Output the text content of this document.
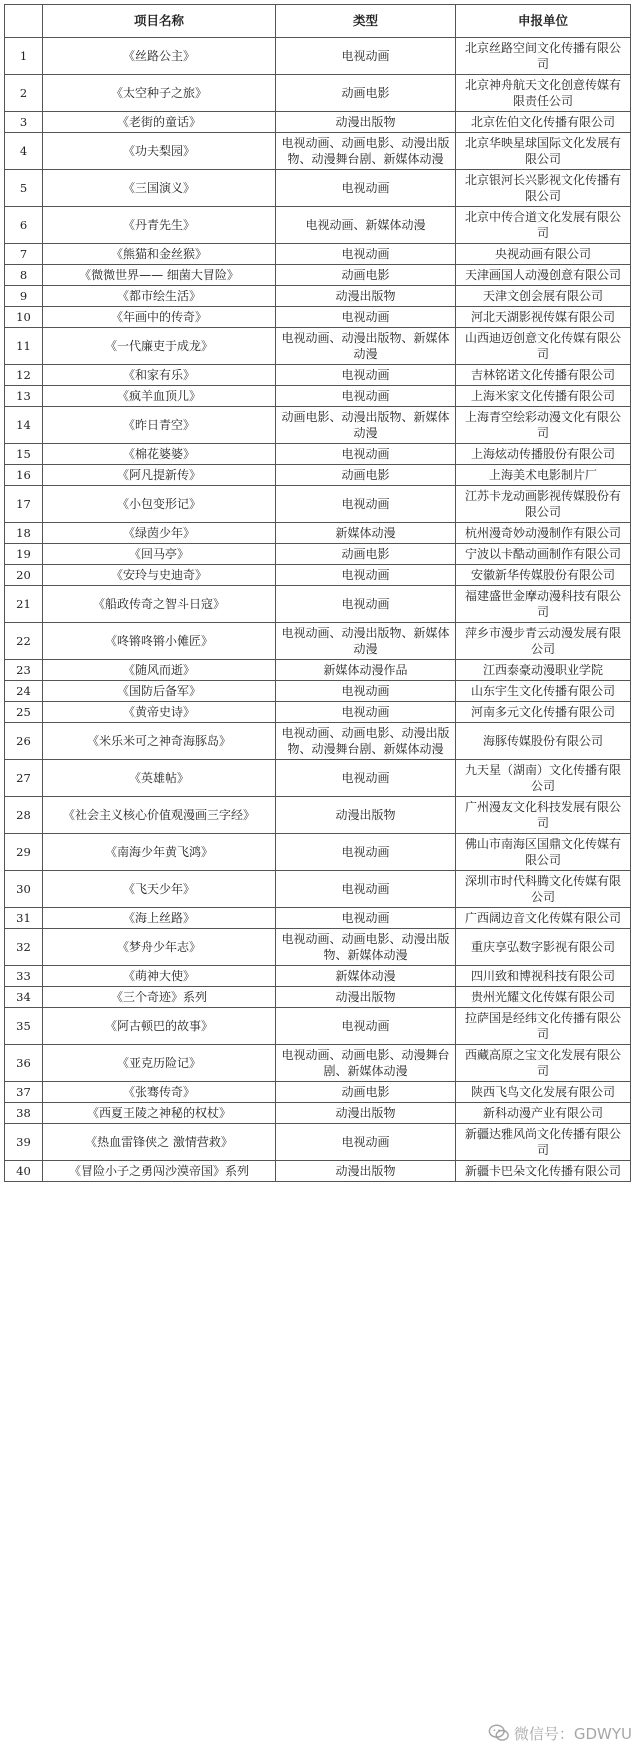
	项目名称	类型	申报单位
1	《丝路公主》	电视动画	北京丝路空间文化传播有限公司
2	《太空种子之旅》	动画电影	北京神舟航天文化创意传媒有限责任公司
3	《老街的童话》	动漫出版物	北京佐伯文化传播有限公司
4	《功夫梨园》	电视动画、动画电影、动漫出版物、动漫舞台剧、新媒体动漫	北京华映星球国际文化发展有限公司
5	《三国演义》	电视动画	北京银河长兴影视文化传播有限公司
6	《丹青先生》	电视动画、新媒体动漫	北京中传合道文化发展有限公司
7	《熊猫和金丝猴》	电视动画	央视动画有限公司
8	《微微世界—— 细菌大冒险》	动画电影	天津画国人动漫创意有限公司
9	《都市绘生活》	动漫出版物	天津文创会展有限公司
10	《年画中的传奇》	电视动画	河北天湖影视传媒有限公司
11	《一代廉吏于成龙》	电视动画、动漫出版物、新媒体动漫	山西迪迈创意文化传媒有限公司
12	《和家有乐》	电视动画	吉林铭诺文化传播有限公司
13	《疯羊血顶儿》	电视动画	上海米家文化传播有限公司
14	《昨日青空》	动画电影、动漫出版物、新媒体动漫	上海青空绘彩动漫文化有限公司
15	《棉花婆婆》	电视动画	上海炫动传播股份有限公司
16	《阿凡提新传》	动画电影	上海美术电影制片厂
17	《小包变形记》	电视动画	江苏卡龙动画影视传媒股份有限公司
18	《绿茵少年》	新媒体动漫	杭州漫奇妙动漫制作有限公司
19	《回马亭》	动画电影	宁波以卡酷动画制作有限公司
20	《安玲与史迪奇》	电视动画	安徽新华传媒股份有限公司
21	《船政传奇之智斗日寇》	电视动画	福建盛世金摩动漫科技有限公司
22	《咚锵咚锵小傩匠》	电视动画、动漫出版物、新媒体动漫	萍乡市漫步青云动漫发展有限公司
23	《随风而逝》	新媒体动漫作品	江西泰豪动漫职业学院
24	《国防后备军》	电视动画	山东宇生文化传播有限公司
25	《黄帝史诗》	电视动画	河南多元文化传播有限公司
26	《米乐米可之神奇海豚岛》	电视动画、动画电影、动漫出版物、动漫舞台剧、新媒体动漫	海豚传媒股份有限公司
27	《英雄帖》	电视动画	九天星（湖南）文化传播有限公司
28	《社会主义核心价值观漫画三字经》	动漫出版物	广州漫友文化科技发展有限公司
29	《南海少年黄飞鸿》	电视动画	佛山市南海区国鼎文化传媒有限公司
30	《飞天少年》	电视动画	深圳市时代科腾文化传媒有限公司
31	《海上丝路》	电视动画	广西阔边音文化传媒有限公司
32	《梦舟少年志》	电视动画、动画电影、动漫出版物、新媒体动漫	重庆享弘数字影视有限公司
33	《萌神大使》	新媒体动漫	四川致和博视科技有限公司
34	《三个奇迹》系列	动漫出版物	贵州光耀文化传媒有限公司
35	《阿古顿巴的故事》	电视动画	拉萨国是经纬文化传播有限公司
36	《亚克历险记》	电视动画、动画电影、动漫舞台剧、新媒体动漫	西藏高原之宝文化发展有限公司
37	《张骞传奇》	动画电影	陕西飞鸟文化发展有限公司
38	《西夏王陵之神秘的权杖》	动漫出版物	新科动漫产业有限公司
39	《热血雷锋侠之 激情营救》	电视动画	新疆达雅风尚文化传播有限公司
40	《冒险小子之勇闯沙漠帝国》系列	动漫出版物	新疆卡巴朵文化传播有限公司
微信号：GDWYU
